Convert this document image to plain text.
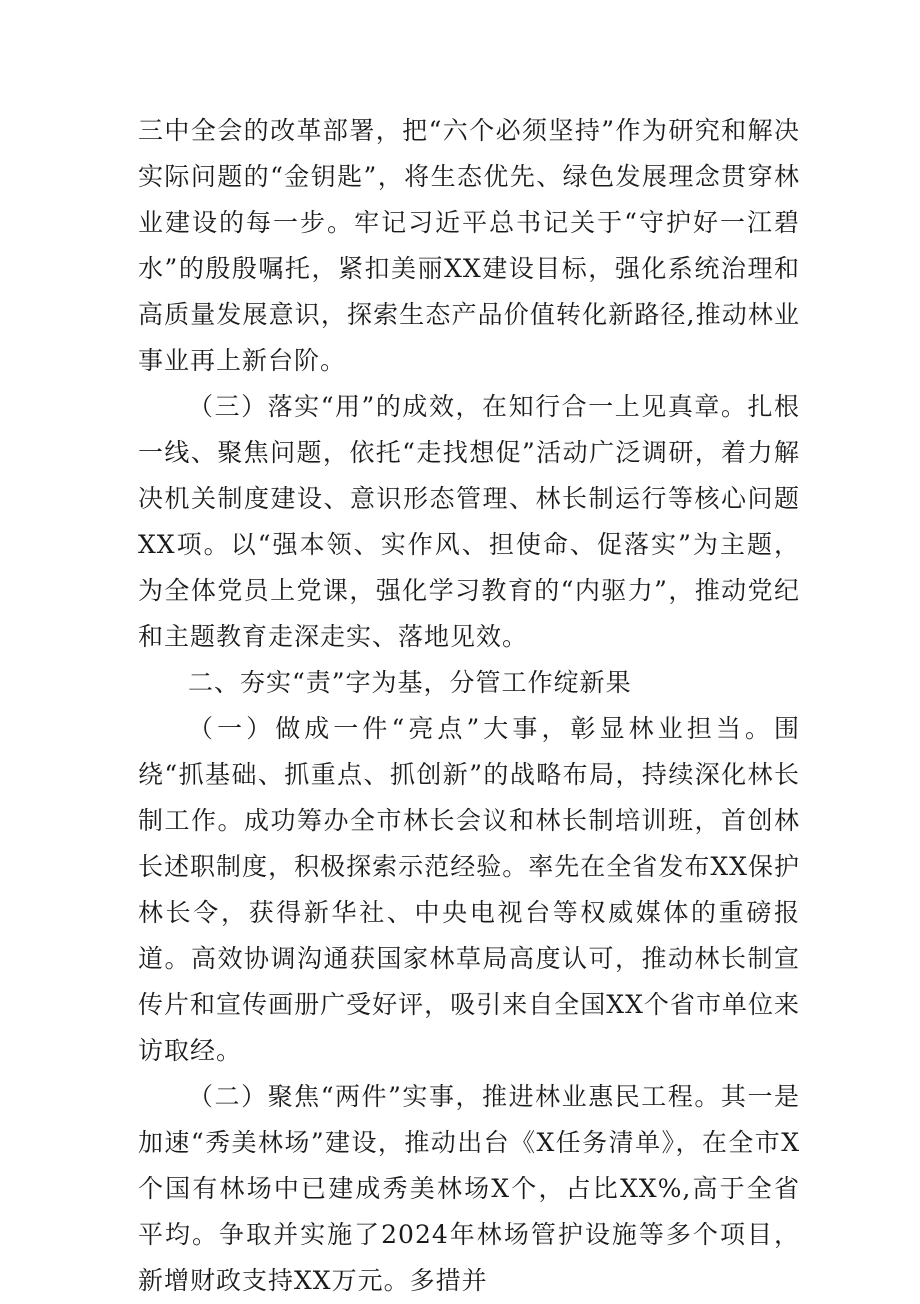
三中全会的改革部署，把“六个必须坚持”作为研究和解决实际问题的“金钥匙”，将生态优先、绿色发展理念贯穿林业建设的每一步。牢记习近平总书记关于“守护好一江碧水”的殷殷嘱托，紧扣美丽XX建设目标，强化系统治理和高质量发展意识，探索生态产品价值转化新路径,推动林业事业再上新台阶。

（三）落实“用”的成效，在知行合一上见真章。扎根一线、聚焦问题，依托“走找想促”活动广泛调研，着力解决机关制度建设、意识形态管理、林长制运行等核心问题XX项。以“强本领、实作风、担使命、促落实”为主题，为全体党员上党课，强化学习教育的“内驱力”，推动党纪和主题教育走深走实、落地见效。

二、夯实“责”字为基，分管工作绽新果

（一）做成一件“亮点”大事，彰显林业担当。围绕“抓基础、抓重点、抓创新”的战略布局，持续深化林长制工作。成功筹办全市林长会议和林长制培训班，首创林长述职制度，积极探索示范经验。率先在全省发布XX保护林长令，获得新华社、中央电视台等权威媒体的重磅报道。高效协调沟通获国家林草局高度认可，推动林长制宣传片和宣传画册广受好评，吸引来自全国XX个省市单位来访取经。

（二）聚焦“两件”实事，推进林业惠民工程。其一是加速“秀美林场”建设，推动出台《X任务清单》，在全市X个国有林场中已建成秀美林场X个，占比XX%,高于全省平均。争取并实施了2024年林场管护设施等多个项目，新增财政支持XX万元。多措并
